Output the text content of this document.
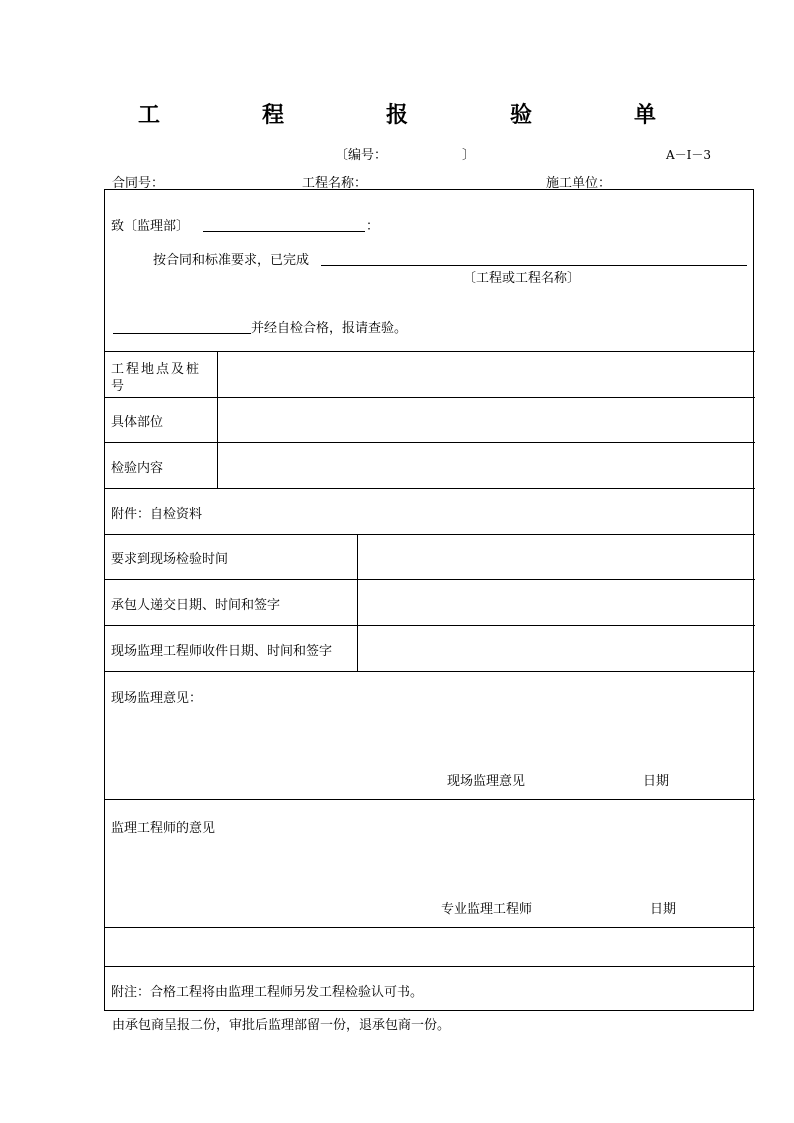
工　程　报　验　单
〔编号：	〕	A－Ⅰ－3
合同号：	工程名称：	施工单位：
致〔监理部〕	：
按合同和标准要求，已完成
〔工程或工程名称〕
并经自检合格，报请查验。
工程地点及桩
号
具体部位
检验内容
附件：自检资料
要求到现场检验时间
承包人递交日期、时间和签字
现场监理工程师收件日期、时间和签字
现场监理意见：
现场监理意见	日期
监理工程师的意见
专业监理工程师	日期
附注：合格工程将由监理工程师另发工程检验认可书。
由承包商呈报二份，审批后监理部留一份，退承包商一份。
